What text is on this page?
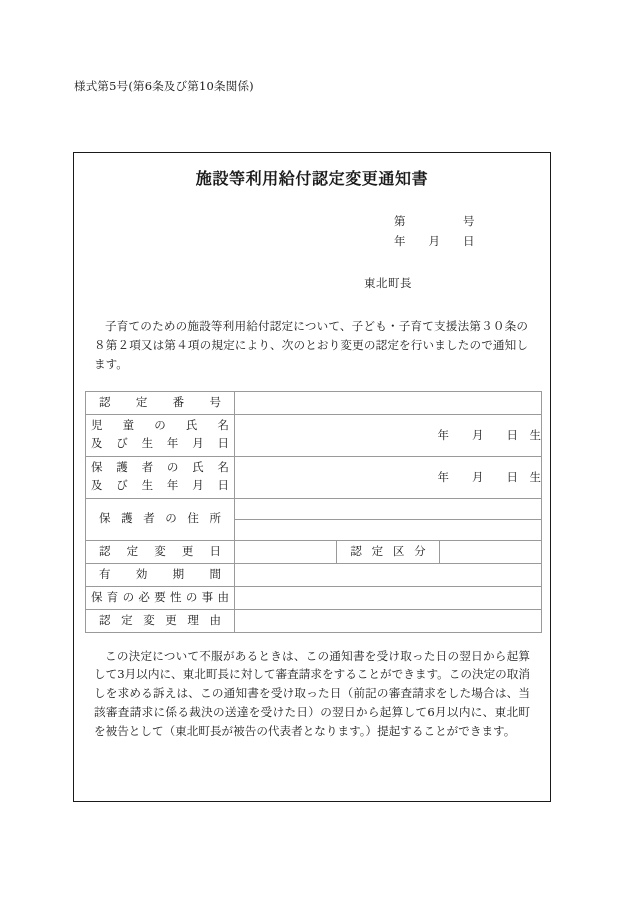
様式第5号(第6条及び第10条関係)
施設等利用給付認定変更通知書
第　　　　　号
年　　月　　日
東北町長
子育てのための施設等利用給付認定について、子ども・子育て支援法第３０条の８第２項又は第４項の規定により、次のとおり変更の認定を行いましたので通知します。
認定番号			

児童の氏名
及び生年月日	年　　月　　日　生		

保護者の氏名
及び生年月日	年　　月　　日　生		

保護者の住所			

認定変更日		認定区分	

有効期間			

保育の必要性の事由			

認定変更理由			

この決定について不服があるときは、この通知書を受け取った日の翌日から起算して3月以内に、東北町長に対して審査請求をすることができます。この決定の取消しを求める訴えは、この通知書を受け取った日（前記の審査請求をした場合は、当該審査請求に係る裁決の送達を受けた日）の翌日から起算して6月以内に、東北町を被告として（東北町長が被告の代表者となります。）提起することができます。
